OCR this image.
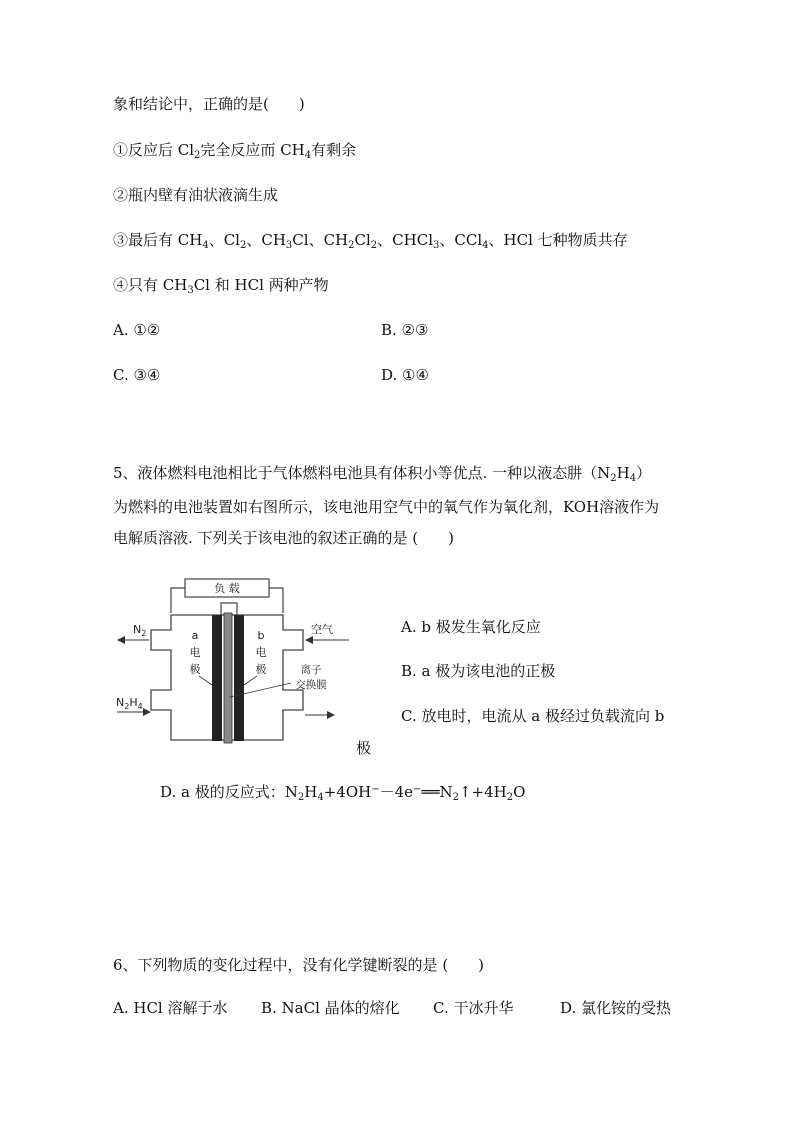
象和结论中，正确的是(　　)
①反应后 $Cl_2$完全反应而 $CH_4$有剩余
②瓶内壁有油状液滴生成
③最后有 $CH_4$、$Cl_2$、$CH_3Cl$、$CH_2Cl_2$、CHCl$_3$、CCl$_4$、HCl 七种物质共存
④只有 $CH_3Cl$ 和 HCl 两种产物
A. ①②	B. ②③
C. ③④	D. ①④
5、液体燃料电池相比于气体燃料电池具有体积小等优点. 一种以液态肼$(N_2H_4)$
为燃料的电池装置如右图所示，该电池用空气中的氧气作为氧化剂，KOH溶液作为
电解质溶液. 下列关于该电池的叙述正确的是 (　　)
负 载
a
电
极
b
电
极	离子
交换膜
$N_2$
$N_2H_4$
空气	A. b 极发生氧化反应
B. a 极为该电池的正极
C. 放电时，电流从 a 极经过负载流向 b
极
D. a 极的反应式：$N_2H_4+4OH^--4e^-══N_2↑+4H_2O$
6、下列物质的变化过程中，没有化学键断裂的是 (　　)
A. HCl 溶解于水 B. NaCl 晶体的熔化 C. 干冰升华	D. 氯化铵的受热
